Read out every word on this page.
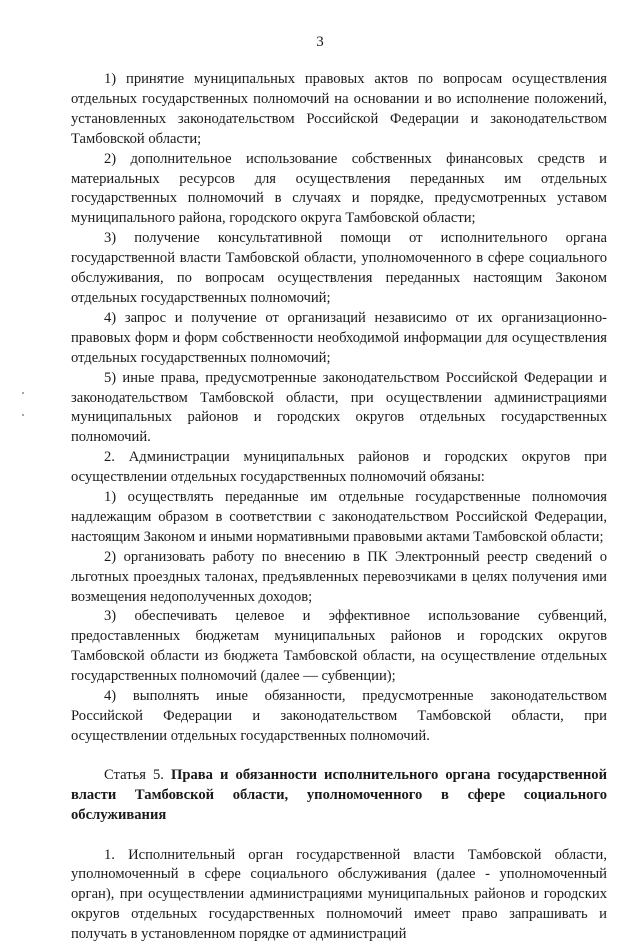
3

1) принятие муниципальных правовых актов по вопросам осуществления отдельных государственных полномочий на основании и во исполнение положений, установленных законодательством Российской Федерации и законодательством Тамбовской области;

2) дополнительное использование собственных финансовых средств и материальных ресурсов для осуществления переданных им отдельных государственных полномочий в случаях и порядке, предусмотренных уставом муниципального района, городского округа Тамбовской области;

3) получение консультативной помощи от исполнительного органа государственной власти Тамбовской области, уполномоченного в сфере социального обслуживания, по вопросам осуществления переданных настоящим Законом отдельных государственных полномочий;

4) запрос и получение от организаций независимо от их организационно-правовых форм и форм собственности необходимой информации для осуществления отдельных государственных полномочий;

5) иные права, предусмотренные законодательством Российской Федерации и законодательством Тамбовской области, при осуществлении администрациями муниципальных районов и городских округов отдельных государственных полномочий.

2. Администрации муниципальных районов и городских округов при осуществлении отдельных государственных полномочий обязаны:

1) осуществлять переданные им отдельные государственные полномочия надлежащим образом в соответствии с законодательством Российской Федерации, настоящим Законом и иными нормативными правовыми актами Тамбовской области;

2) организовать работу по внесению в ПК Электронный реестр сведений о льготных проездных талонах, предъявленных перевозчиками в целях получения ими возмещения недополученных доходов;

3) обеспечивать целевое и эффективное использование субвенций, предоставленных бюджетам муниципальных районов и городских округов Тамбовской области из бюджета Тамбовской области, на осуществление отдельных государственных полномочий (далее — субвенции);

4) выполнять иные обязанности, предусмотренные законодательством Российской Федерации и законодательством Тамбовской области, при осуществлении отдельных государственных полномочий.

Статья 5. Права и обязанности исполнительного органа государственной власти Тамбовской области, уполномоченного в сфере социального обслуживания

1. Исполнительный орган государственной власти Тамбовской области, уполномоченный в сфере социального обслуживания (далее - уполномоченный орган), при осуществлении администрациями муниципальных районов и городских округов отдельных государственных полномочий имеет право запрашивать и получать в установленном порядке от администраций
